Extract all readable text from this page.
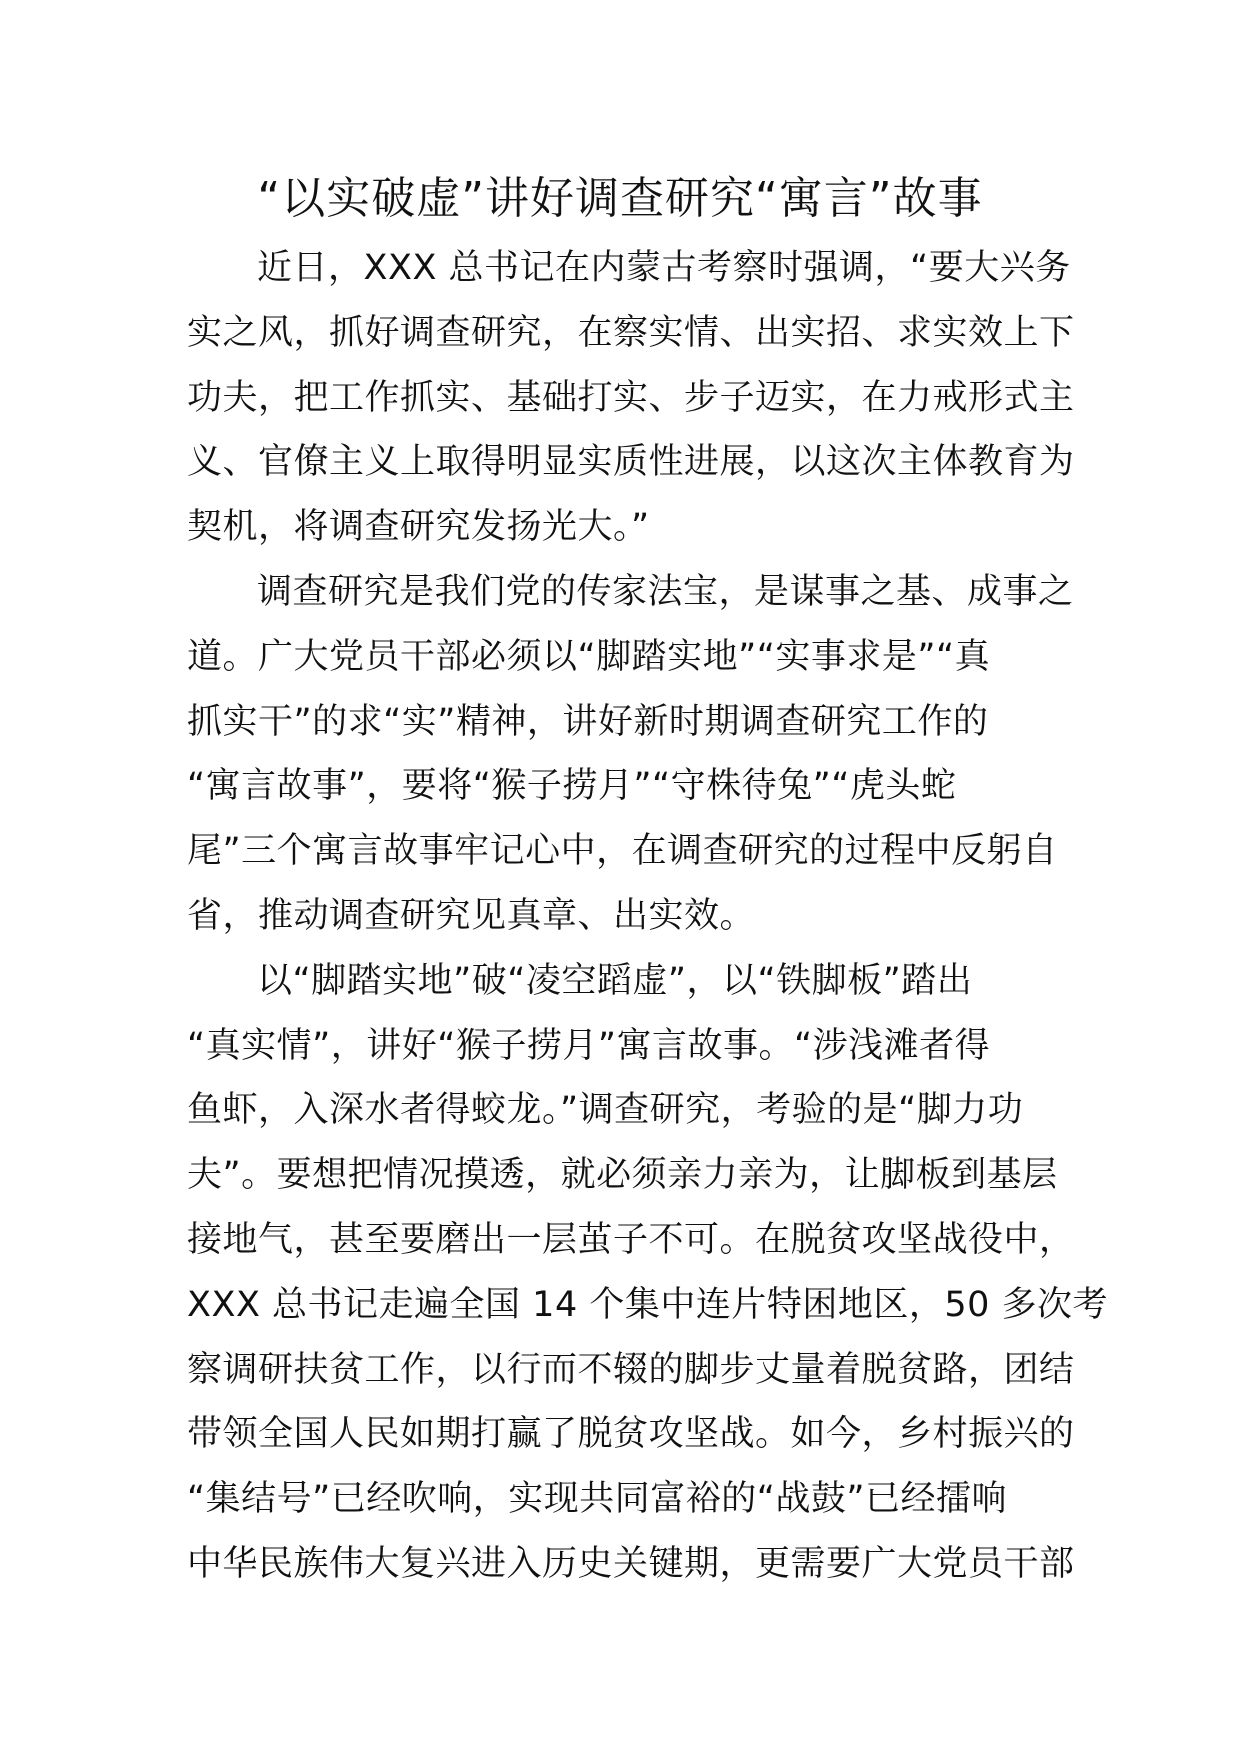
“以实破虚”讲好调查研究“寓言”故事
近日，XXX 总书记在内蒙古考察时强调，“要大兴务
实之风，抓好调查研究，在察实情、出实招、求实效上下
功夫，把工作抓实、基础打实、步子迈实，在力戒形式主
义、官僚主义上取得明显实质性进展，以这次主体教育为
契机，将调查研究发扬光大。”
调查研究是我们党的传家法宝，是谋事之基、成事之
道。广大党员干部必须以“脚踏实地”“实事求是”“真
抓实干”的求“实”精神，讲好新时期调查研究工作的
“寓言故事”，要将“猴子捞月”“守株待兔”“虎头蛇
尾”三个寓言故事牢记心中，在调查研究的过程中反躬自
省，推动调查研究见真章、出实效。
以“脚踏实地”破“凌空蹈虚”，以“铁脚板”踏出
“真实情”，讲好“猴子捞月”寓言故事。“涉浅滩者得
鱼虾，入深水者得蛟龙。”调查研究，考验的是“脚力功
夫”。要想把情况摸透，就必须亲力亲为，让脚板到基层
接地气，甚至要磨出一层茧子不可。在脱贫攻坚战役中，
XXX 总书记走遍全国 14 个集中连片特困地区，50 多次考
察调研扶贫工作，以行而不辍的脚步丈量着脱贫路，团结
带领全国人民如期打赢了脱贫攻坚战。如今，乡村振兴的
“集结号”已经吹响，实现共同富裕的“战鼓”已经擂响
中华民族伟大复兴进入历史关键期，更需要广大党员干部
